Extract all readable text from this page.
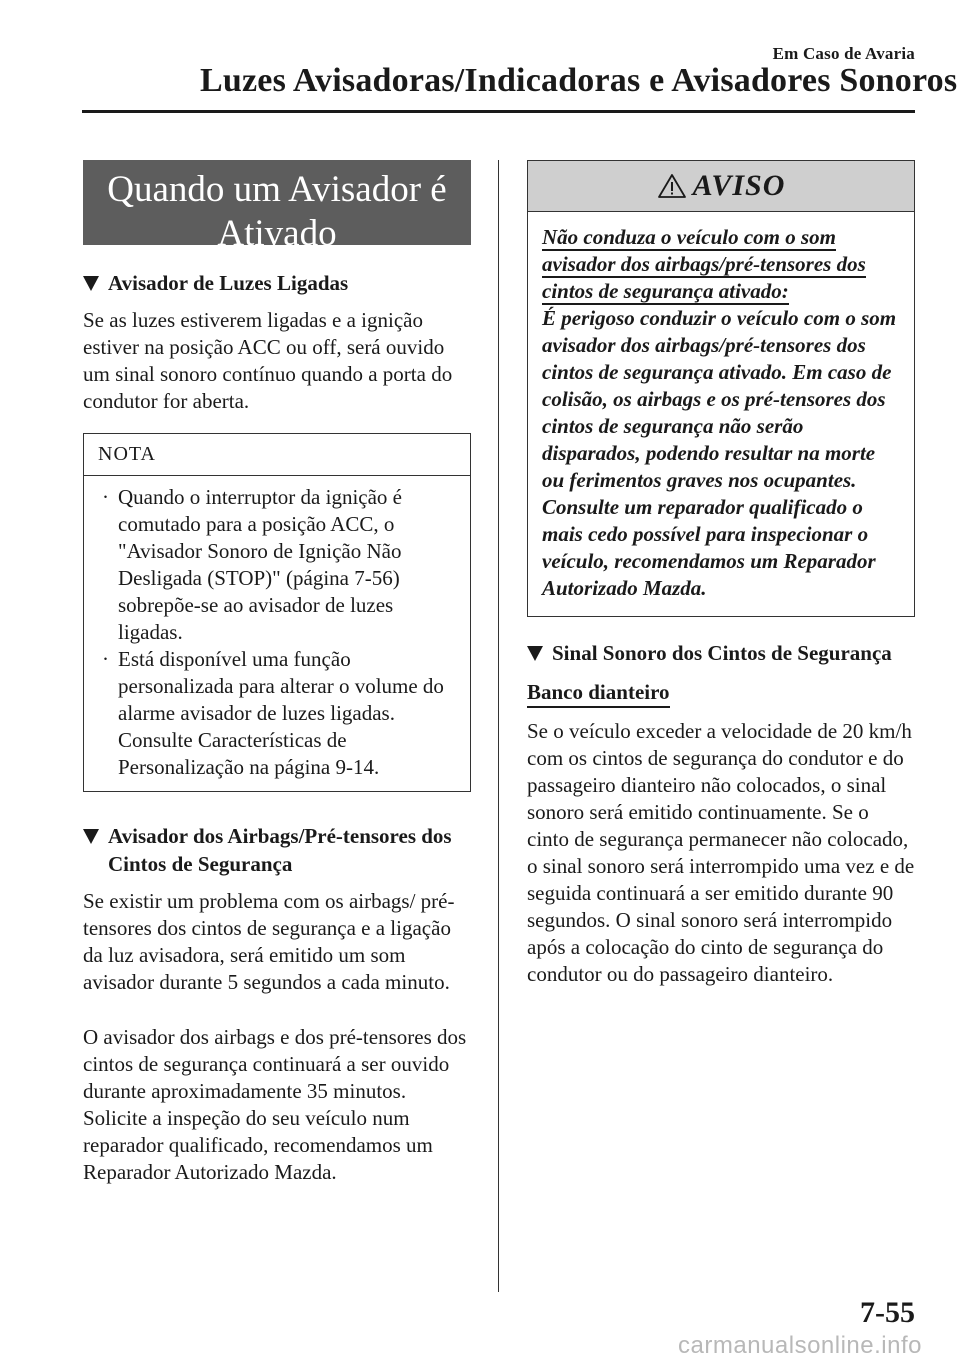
Em Caso de Avaria
Luzes Avisadoras/Indicadoras e Avisadores Sonoros
Quando um Avisador é
Ativado
Avisador de Luzes Ligadas

Se as luzes estiverem ligadas e a ignição estiver na posição ACC ou off, será ouvido um sinal sonoro contínuo quando a porta do condutor for aberta.

NOTA
· Quando o interruptor da ignição é comutado para a posição ACC, o "Avisador Sonoro de Ignição Não Desligada (STOP)" (página 7-56) sobrepõe-se ao avisador de luzes ligadas.
· Está disponível uma função personalizada para alterar o volume do alarme avisador de luzes ligadas. Consulte Características de Personalização na página 9-14.
Avisador dos Airbags/Pré-tensores dos Cintos de Segurança

Se existir um problema com os airbags/ pré-tensores dos cintos de segurança e a ligação da luz avisadora, será emitido um som avisador durante 5 segundos a cada minuto.

O avisador dos airbags e dos pré-tensores dos cintos de segurança continuará a ser ouvido durante aproximadamente 35 minutos. Solicite a inspeção do seu veículo num reparador qualificado, recomendamos um Reparador Autorizado Mazda.

AVISO
Não conduza o veículo com o som avisador dos airbags/pré-tensores dos cintos de segurança ativado:

É perigoso conduzir o veículo com o som avisador dos airbags/pré-tensores dos cintos de segurança ativado. Em caso de colisão, os airbags e os pré-tensores dos cintos de segurança não serão disparados, podendo resultar na morte ou ferimentos graves nos ocupantes. Consulte um reparador qualificado o mais cedo possível para inspecionar o veículo, recomendamos um Reparador Autorizado Mazda.

Sinal Sonoro dos Cintos de Segurança
Banco dianteiro

Se o veículo exceder a velocidade de 20 km/h com os cintos de segurança do condutor e do passageiro dianteiro não colocados, o sinal sonoro será emitido continuamente. Se o cinto de segurança permanecer não colocado, o sinal sonoro será interrompido uma vez e de seguida continuará a ser emitido durante 90 segundos. O sinal sonoro será interrompido após a colocação do cinto de segurança do condutor ou do passageiro dianteiro.

7-55
carmanualsonline.info
